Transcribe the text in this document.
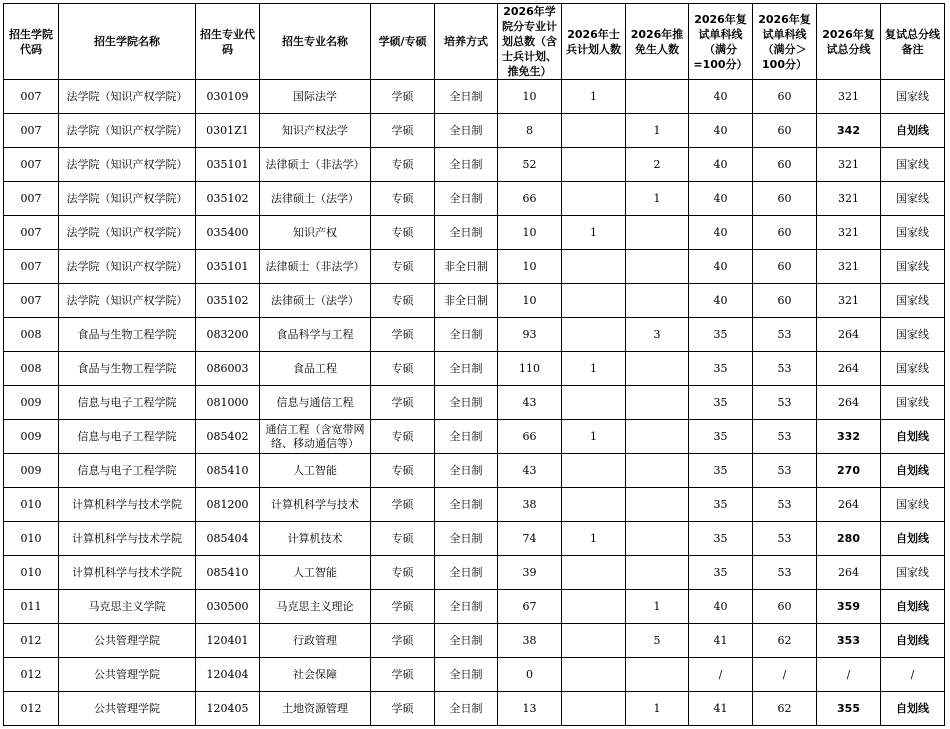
招生学院代码	招生学院名称	招生专业代码	招生专业名称	学硕/专硕	培养方式	2026年学院分专业计划总数（含士兵计划、推免生）	2026年士兵计划人数	2026年推免生人数	2026年复试单科线（满分=100分）	2026年复试单科线（满分＞100分）	2026年复试总分线	复试总分线备注
007	法学院（知识产权学院）	030109	国际法学	学硕	全日制	10	1		40	60	321	国家线
007	法学院（知识产权学院）	0301Z1	知识产权法学	学硕	全日制	8		1	40	60	342	自划线
007	法学院（知识产权学院）	035101	法律硕士（非法学）	专硕	全日制	52		2	40	60	321	国家线
007	法学院（知识产权学院）	035102	法律硕士（法学）	专硕	全日制	66		1	40	60	321	国家线
007	法学院（知识产权学院）	035400	知识产权	专硕	全日制	10	1		40	60	321	国家线
007	法学院（知识产权学院）	035101	法律硕士（非法学）	专硕	非全日制	10			40	60	321	国家线
007	法学院（知识产权学院）	035102	法律硕士（法学）	专硕	非全日制	10			40	60	321	国家线
008	食品与生物工程学院	083200	食品科学与工程	学硕	全日制	93		3	35	53	264	国家线
008	食品与生物工程学院	086003	食品工程	专硕	全日制	110	1		35	53	264	国家线
009	信息与电子工程学院	081000	信息与通信工程	学硕	全日制	43			35	53	264	国家线
009	信息与电子工程学院	085402	通信工程（含宽带网络、移动通信等）	专硕	全日制	66	1		35	53	332	自划线
009	信息与电子工程学院	085410	人工智能	专硕	全日制	43			35	53	270	自划线
010	计算机科学与技术学院	081200	计算机科学与技术	学硕	全日制	38			35	53	264	国家线
010	计算机科学与技术学院	085404	计算机技术	专硕	全日制	74	1		35	53	280	自划线
010	计算机科学与技术学院	085410	人工智能	专硕	全日制	39			35	53	264	国家线
011	马克思主义学院	030500	马克思主义理论	学硕	全日制	67		1	40	60	359	自划线
012	公共管理学院	120401	行政管理	学硕	全日制	38		5	41	62	353	自划线
012	公共管理学院	120404	社会保障	学硕	全日制	0			/	/	/	/
012	公共管理学院	120405	土地资源管理	学硕	全日制	13		1	41	62	355	自划线
